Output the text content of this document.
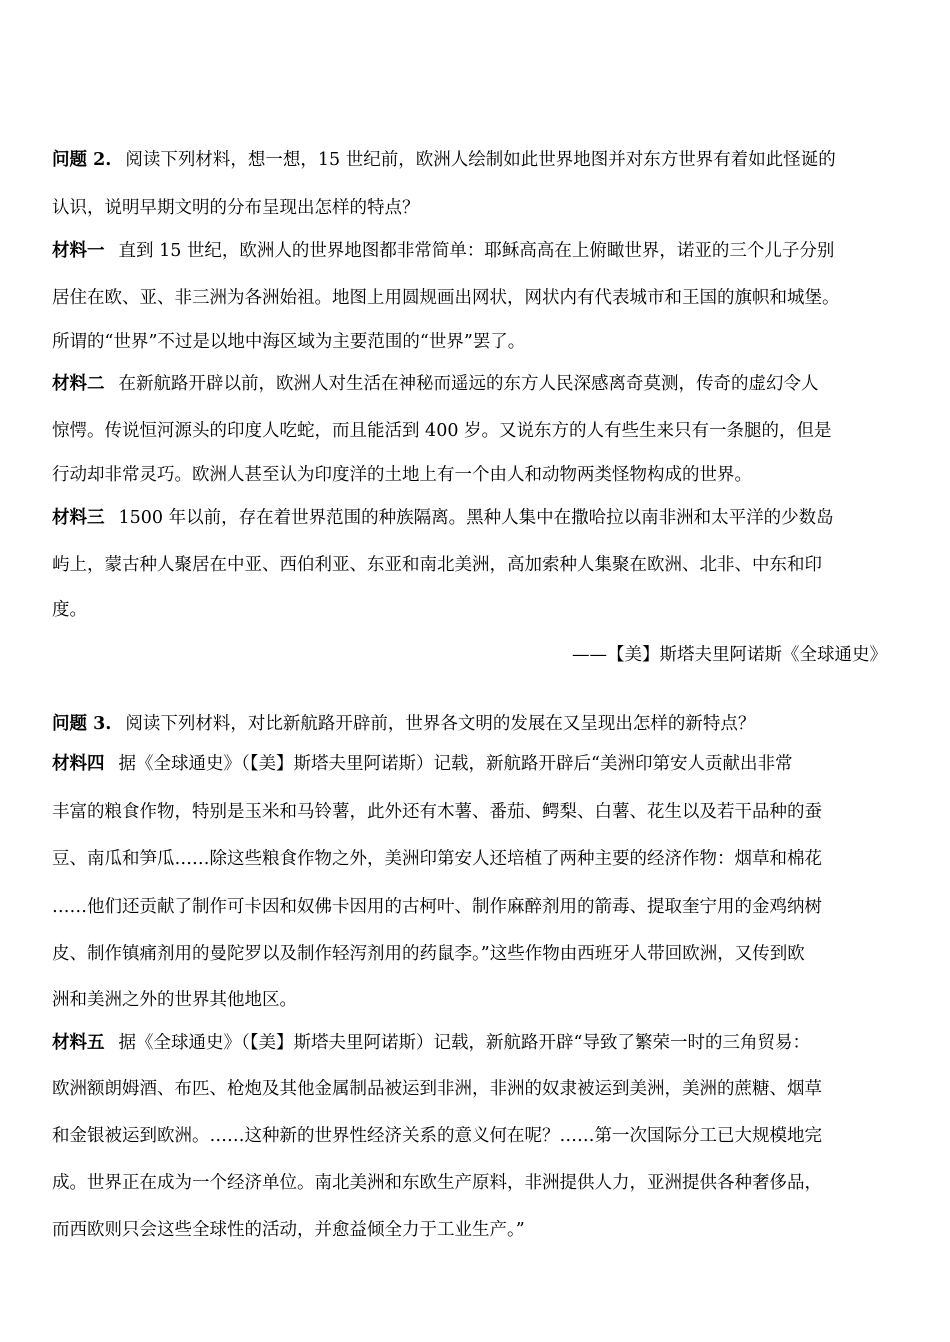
问题 2. 阅读下列材料，想一想，15 世纪前，欧洲人绘制如此世界地图并对东方世界有着如此怪诞的
认识，说明早期文明的分布呈现出怎样的特点？
材料一 直到 15 世纪，欧洲人的世界地图都非常简单：耶稣高高在上俯瞰世界，诺亚的三个儿子分别
居住在欧、亚、非三洲为各洲始祖。地图上用圆规画出网状，网状内有代表城市和王国的旗帜和城堡。
所谓的“世界”不过是以地中海区域为主要范围的“世界”罢了。
材料二 在新航路开辟以前，欧洲人对生活在神秘而遥远的东方人民深感离奇莫测，传奇的虚幻令人
惊愕。传说恒河源头的印度人吃蛇，而且能活到 400 岁。又说东方的人有些生来只有一条腿的，但是
行动却非常灵巧。欧洲人甚至认为印度洋的土地上有一个由人和动物两类怪物构成的世界。
材料三 1500 年以前，存在着世界范围的种族隔离。黑种人集中在撒哈拉以南非洲和太平洋的少数岛
屿上，蒙古种人聚居在中亚、西伯利亚、东亚和南北美洲，高加索种人集聚在欧洲、北非、中东和印
度。
——【美】斯塔夫里阿诺斯《全球通史》
问题 3. 阅读下列材料，对比新航路开辟前，世界各文明的发展在又呈现出怎样的新特点？
材料四 据《全球通史》（【美】斯塔夫里阿诺斯）记载，新航路开辟后“美洲印第安人贡献出非常
丰富的粮食作物，特别是玉米和马铃薯，此外还有木薯、番茄、鳄梨、白薯、花生以及若干品种的蚕
豆、南瓜和笋瓜……除这些粮食作物之外，美洲印第安人还培植了两种主要的经济作物：烟草和棉花
……他们还贡献了制作可卡因和奴佛卡因用的古柯叶、制作麻醉剂用的箭毒、提取奎宁用的金鸡纳树
皮、制作镇痛剂用的曼陀罗以及制作轻泻剂用的药鼠李。”这些作物由西班牙人带回欧洲，又传到欧
洲和美洲之外的世界其他地区。
材料五 据《全球通史》（【美】斯塔夫里阿诺斯）记载，新航路开辟“导致了繁荣一时的三角贸易：
欧洲额朗姆酒、布匹、枪炮及其他金属制品被运到非洲，非洲的奴隶被运到美洲，美洲的蔗糖、烟草
和金银被运到欧洲。……这种新的世界性经济关系的意义何在呢？……第一次国际分工已大规模地完
成。世界正在成为一个经济单位。南北美洲和东欧生产原料，非洲提供人力，亚洲提供各种奢侈品，
而西欧则只会这些全球性的活动，并愈益倾全力于工业生产。”
